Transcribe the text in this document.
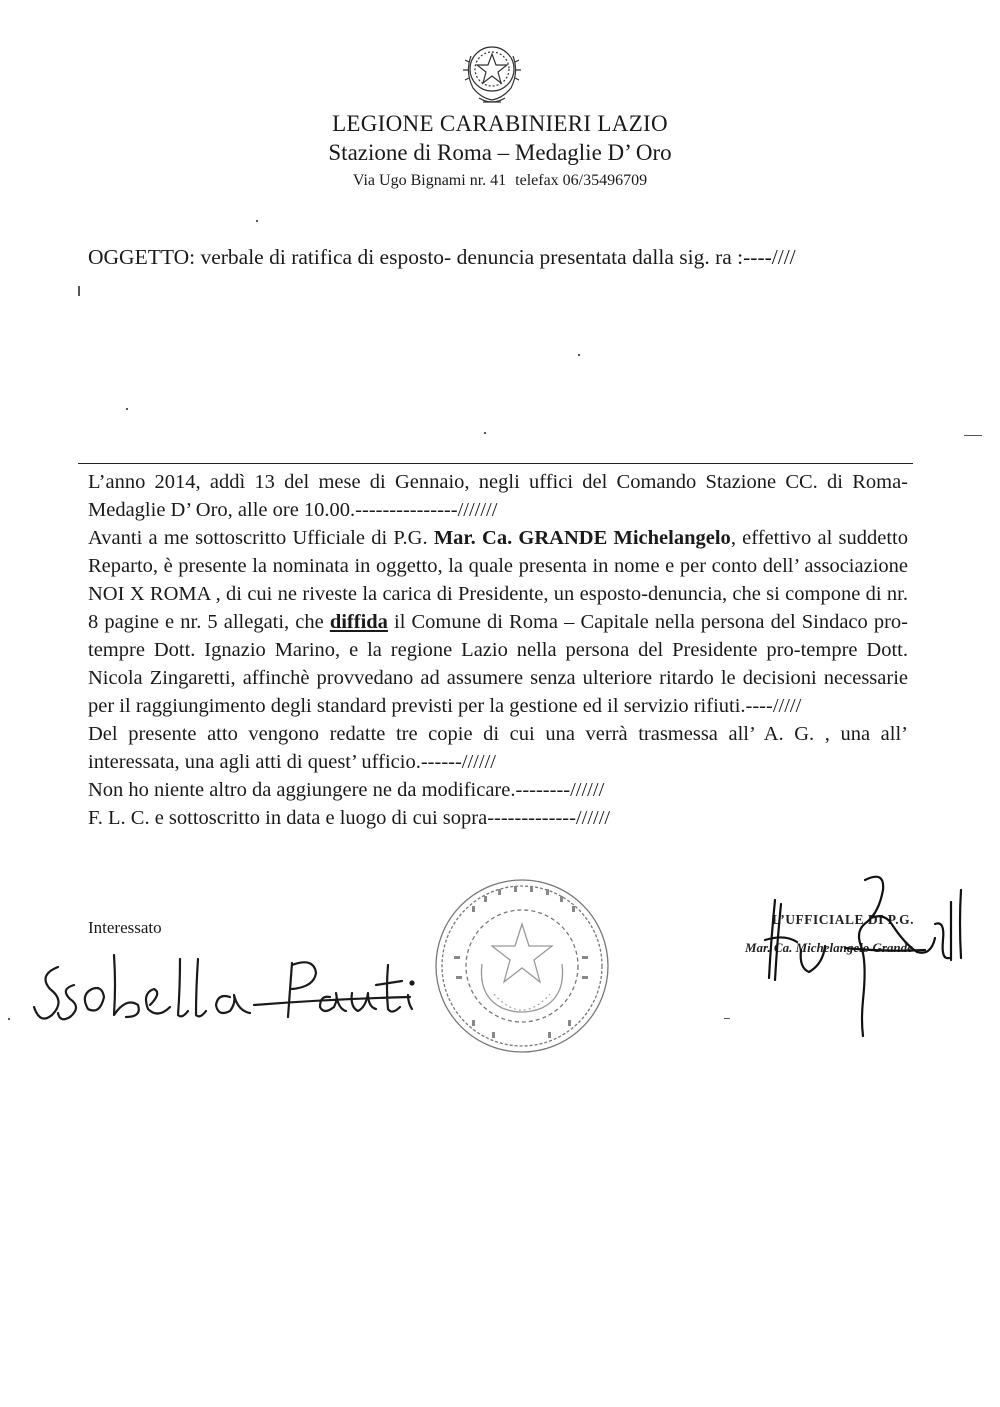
LEGIONE CARABINIERI LAZIO
Stazione di Roma – Medaglie D’ Oro
Via Ugo Bignami nr. 41 telefax 06/35496709
OGGETTO: verbale di ratifica di esposto- denuncia presentata dalla sig. ra :----////

L’anno 2014, addì 13 del mese di Gennaio, negli uffici del Comando Stazione CC. di Roma- Medaglie D’ Oro, alle ore 10.00.---------------///////

Avanti a me sottoscritto Ufficiale di P.G. Mar. Ca. GRANDE Michelangelo, effettivo al suddetto Reparto, è presente la nominata in oggetto, la quale presenta in nome e per conto dell’ associazione NOI X ROMA , di cui ne riveste la carica di Presidente, un esposto-denuncia, che si compone di nr. 8 pagine e nr. 5 allegati, che diffida il Comune di Roma – Capitale nella persona del Sindaco pro-tempre Dott. Ignazio Marino, e la regione Lazio nella persona del Presidente pro-tempre Dott. Nicola Zingaretti, affinchè provvedano ad assumere senza ulteriore ritardo le decisioni necessarie per il raggiungimento degli standard previsti per la gestione ed il servizio rifiuti.----/////

Del presente atto vengono redatte tre copie di cui una verrà trasmessa all’ A. G. , una all’ interessata, una agli atti di quest’ ufficio.------//////

Non ho niente altro da aggiungere ne da modificare.--------//////

F. L. C. e sottoscritto in data e luogo di cui sopra-------------//////

Interessato	L’UFFICIALE DI P.G.
Mar. Ca. Michelangelo Grande
